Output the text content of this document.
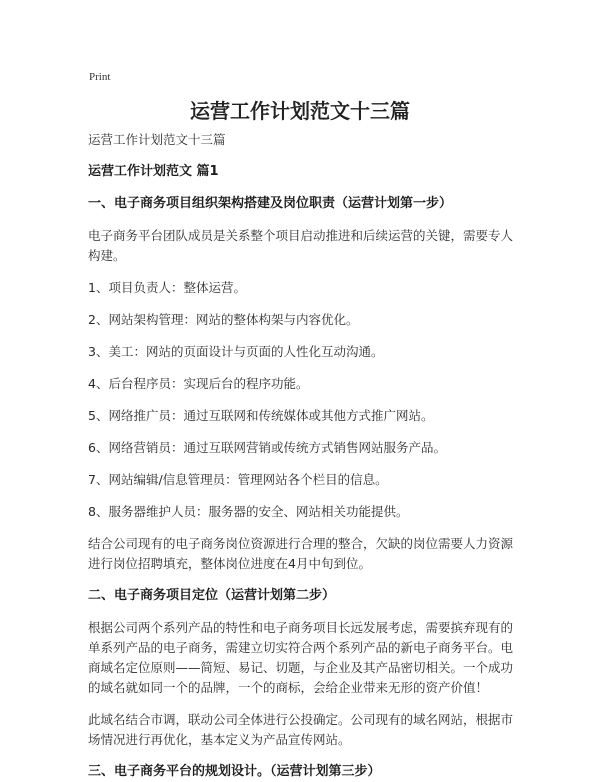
Print
运营工作计划范文十三篇

运营工作计划范文十三篇

运营工作计划范文 篇1

一、电子商务项目组织架构搭建及岗位职责（运营计划第一步）

电子商务平台团队成员是关系整个项目启动推进和后续运营的关键，需要专人构建。

1、项目负责人：整体运营。

2、网站架构管理：网站的整体构架与内容优化。

3、美工：网站的页面设计与页面的人性化互动沟通。

4、后台程序员：实现后台的程序功能。

5、网络推广员：通过互联网和传统媒体或其他方式推广网站。

6、网络营销员：通过互联网营销或传统方式销售网站服务产品。

7、网站编辑/信息管理员：管理网站各个栏目的信息。

8、服务器维护人员：服务器的安全、网站相关功能提供。

结合公司现有的电子商务岗位资源进行合理的整合，欠缺的岗位需要人力资源进行岗位招聘填充，整体岗位进度在4月中旬到位。

二、电子商务项目定位（运营计划第二步）

根据公司两个系列产品的特性和电子商务项目长远发展考虑，需要摈弃现有的单系列产品的电子商务，需建立切实符合两个系列产品的新电子商务平台。电商域名定位原则——简短、易记、切题，与企业及其产品密切相关。一个成功的域名就如同一个的品牌，一个的商标，会给企业带来无形的资产价值！

此域名结合市调，联动公司全体进行公投确定。公司现有的域名网站，根据市场情况进行再优化，基本定义为产品宣传网站。

三、电子商务平台的规划设计。（运营计划第三步）
